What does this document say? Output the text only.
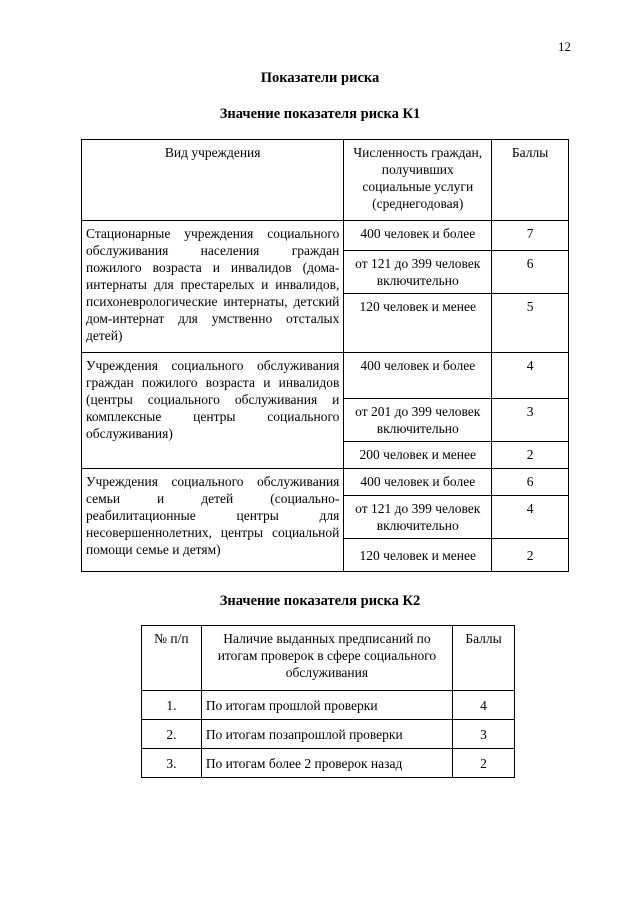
12
Показатели риска
Значение показателя риска К1
Вид учреждения	Численность граждан, получивших социальные услуги (среднегодовая)	Баллы
Стационарные учреждения социального обслуживания населения граждан пожилого возраста и инвалидов (дома-интернаты для престарелых и инвалидов, психоневрологические интернаты, детский дом-интернат для умственно отсталых детей)	400 человек и более	7
	от 121 до 399 человек включительно	6
	120 человек и менее	5
Учреждения социального обслуживания граждан пожилого возраста и инвалидов (центры социального обслуживания и комплексные центры социального обслуживания)	400 человек и более	4
	от 201 до 399 человек включительно	3
	200 человек и менее	2
Учреждения социального обслуживания семьи и детей (социально-реабилитационные центры для несовершеннолетних, центры социальной помощи семье и детям)	400 человек и более	6
	от 121 до 399 человек включительно	4
	120 человек и менее	2
Значение показателя риска К2
№ п/п	Наличие выданных предписаний по итогам проверок в сфере социального обслуживания	Баллы
1.	По итогам прошлой проверки	4
2.	По итогам позапрошлой проверки	3
3.	По итогам более 2 проверок назад	2
